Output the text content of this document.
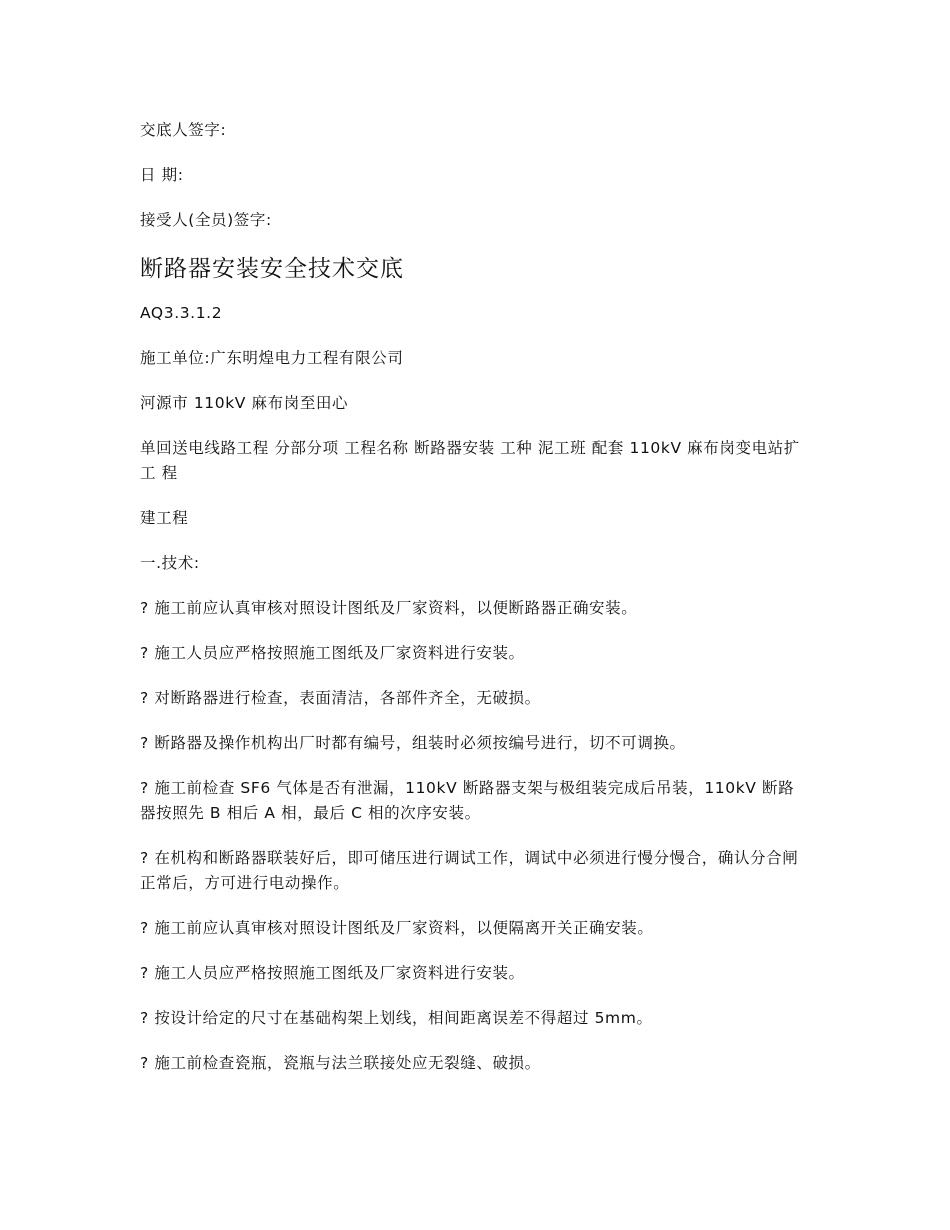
交底人签字:
日 期:
接受人(全员)签字:
断路器安装安全技术交底
AQ3.3.1.2
施工单位:广东明煌电力工程有限公司
河源市 110kV 麻布岗至田心
单回送电线路工程 分部分项 工程名称 断路器安装 工种 泥工班 配套 110kV 麻布岗变电站扩工 程
建工程
一.技术:
? 施工前应认真审核对照设计图纸及厂家资料，以便断路器正确安装。
? 施工人员应严格按照施工图纸及厂家资料进行安装。
? 对断路器进行检查，表面清洁，各部件齐全，无破损。
? 断路器及操作机构出厂时都有编号，组装时必须按编号进行，切不可调换。
? 施工前检查 SF6 气体是否有泄漏，110kV 断路器支架与极组装完成后吊装，110kV 断路器按照先 B 相后 A 相，最后 C 相的次序安装。
? 在机构和断路器联装好后，即可储压进行调试工作，调试中必须进行慢分慢合，确认分合闸正常后，方可进行电动操作。
? 施工前应认真审核对照设计图纸及厂家资料，以便隔离开关正确安装。
? 施工人员应严格按照施工图纸及厂家资料进行安装。
? 按设计给定的尺寸在基础构架上划线，相间距离误差不得超过 5mm。
? 施工前检查瓷瓶，瓷瓶与法兰联接处应无裂缝、破损。
